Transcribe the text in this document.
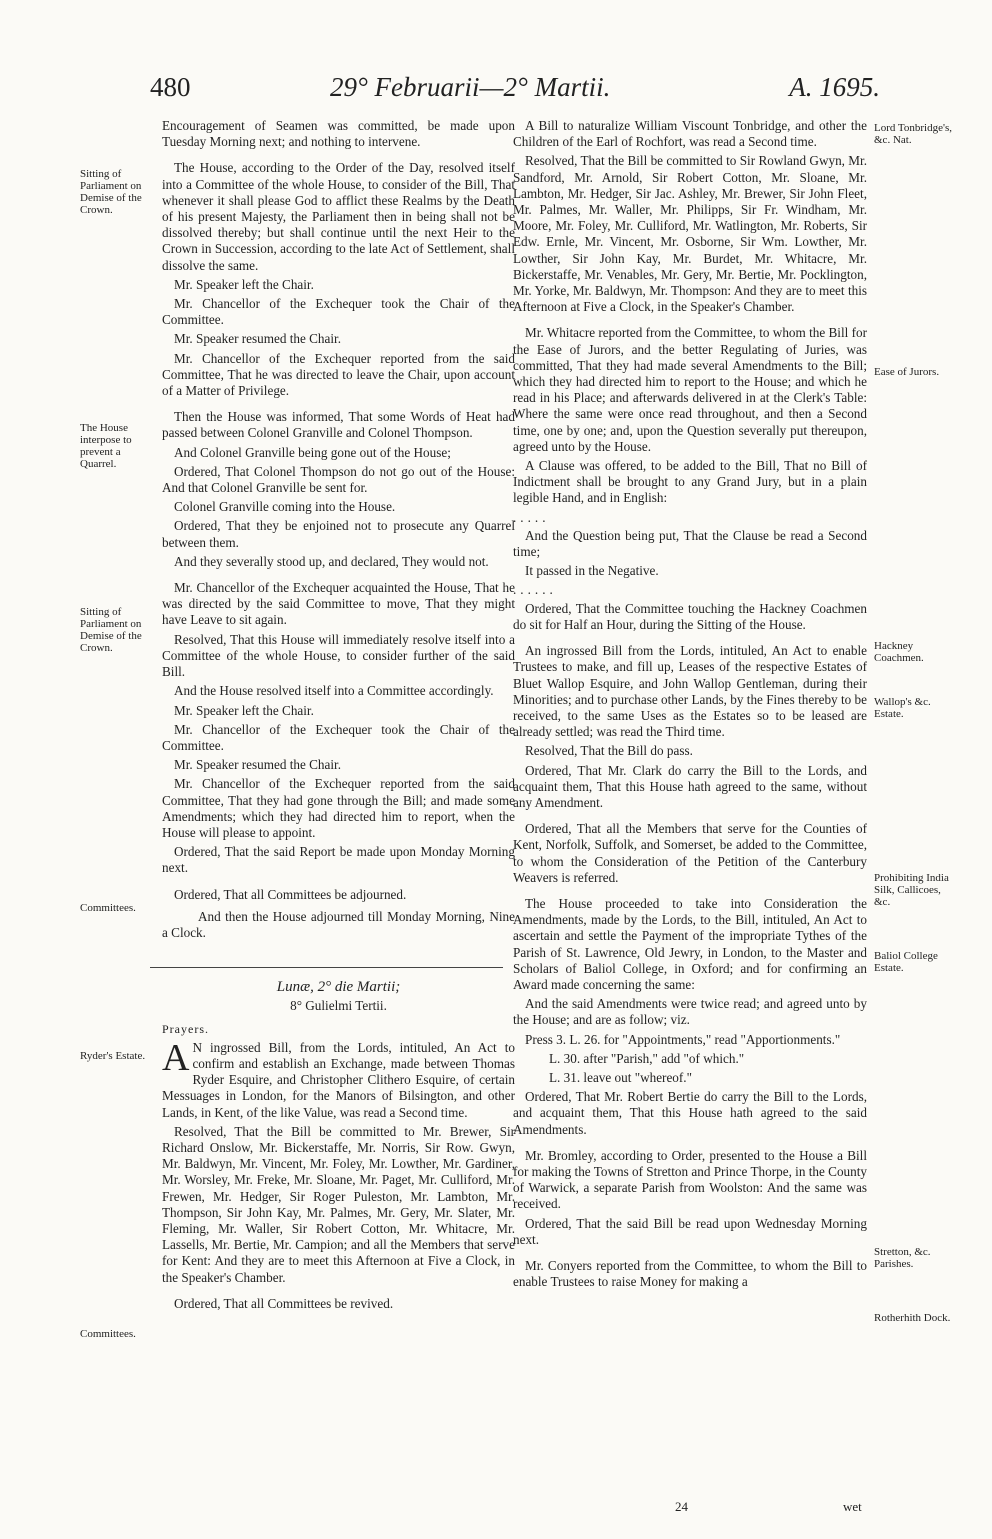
480	29° Februarii—2° Martii.	A. 1695.
Sitting of Parliament on Demise of the Crown.
The House interpose to prevent a Quarrel.
Sitting of Parliament on Demise of the Crown.
Committees.
Ryder's Estate.
Committees.
Lord Tonbridge's, &c. Nat.
Ease of Jurors.
Hackney Coachmen.
Wallop's &c. Estate.
Prohibiting India Silk, Callicoes, &c.
Baliol College Estate.
Stretton, &c. Parishes.
Rotherhith Dock.

Encouragement of Seamen was committed, be made upon Tuesday Morning next; and nothing to intervene.

The House, according to the Order of the Day, resolved itself into a Committee of the whole House, to consider of the Bill, That whenever it shall please God to afflict these Realms by the Death of his present Majesty, the Parliament then in being shall not be dissolved thereby; but shall continue until the next Heir to the Crown in Succession, according to the late Act of Settlement, shall dissolve the same.

Mr. Speaker left the Chair.

Mr. Chancellor of the Exchequer took the Chair of the Committee.

Mr. Speaker resumed the Chair.

Mr. Chancellor of the Exchequer reported from the said Committee, That he was directed to leave the Chair, upon account of a Matter of Privilege.

Then the House was informed, That some Words of Heat had passed between Colonel Granville and Colonel Thompson.

And Colonel Granville being gone out of the House;

Ordered, That Colonel Thompson do not go out of the House: And that Colonel Granville be sent for.

Colonel Granville coming into the House.

Ordered, That they be enjoined not to prosecute any Quarrel between them.

And they severally stood up, and declared, They would not.

Mr. Chancellor of the Exchequer acquainted the House, That he was directed by the said Committee to move, That they might have Leave to sit again.

Resolved, That this House will immediately resolve itself into a Committee of the whole House, to consider further of the said Bill.

And the House resolved itself into a Committee accordingly.

Mr. Speaker left the Chair.

Mr. Chancellor of the Exchequer took the Chair of the Committee.

Mr. Speaker resumed the Chair.

Mr. Chancellor of the Exchequer reported from the said Committee, That they had gone through the Bill; and made some Amendments; which they had directed him to report, when the House will please to appoint.

Ordered, That the said Report be made upon Monday Morning next.

Ordered, That all Committees be adjourned.

And then the House adjourned till Monday Morning, Nine a Clock.

Lunæ, 2° die Martii;

8° Gulielmi Tertii.

Prayers.

A N ingrossed Bill, from the Lords, intituled, An Act to confirm and establish an Exchange, made between Thomas Ryder Esquire, and Christopher Clithero Esquire, of certain Messuages in London, for the Manors of Bilsington, and other Lands, in Kent, of the like Value, was read a Second time.

Resolved, That the Bill be committed to Mr. Brewer, Sir Richard Onslow, Mr. Bickerstaffe, Mr. Norris, Sir Row. Gwyn, Mr. Baldwyn, Mr. Vincent, Mr. Foley, Mr. Lowther, Mr. Gardiner, Mr. Worsley, Mr. Freke, Mr. Sloane, Mr. Paget, Mr. Culliford, Mr. Frewen, Mr. Hedger, Sir Roger Puleston, Mr. Lambton, Mr. Thompson, Sir John Kay, Mr. Palmes, Mr. Gery, Mr. Slater, Mr. Fleming, Mr. Waller, Sir Robert Cotton, Mr. Whitacre, Mr. Lassells, Mr. Bertie, Mr. Campion; and all the Members that serve for Kent: And they are to meet this Afternoon at Five a Clock, in the Speaker's Chamber.

Ordered, That all Committees be revived.

A Bill to naturalize William Viscount Tonbridge, and other the Children of the Earl of Rochfort, was read a Second time.

Resolved, That the Bill be committed to Sir Rowland Gwyn, Mr. Sandford, Mr. Arnold, Sir Robert Cotton, Mr. Sloane, Mr. Lambton, Mr. Hedger, Sir Jac. Ashley, Mr. Brewer, Sir John Fleet, Mr. Palmes, Mr. Waller, Mr. Philipps, Sir Fr. Windham, Mr. Moore, Mr. Foley, Mr. Culliford, Mr. Watlington, Mr. Roberts, Sir Edw. Ernle, Mr. Vincent, Mr. Osborne, Sir Wm. Lowther, Mr. Lowther, Sir John Kay, Mr. Burdet, Mr. Whitacre, Mr. Bickerstaffe, Mr. Venables, Mr. Gery, Mr. Bertie, Mr. Pocklington, Mr. Yorke, Mr. Baldwyn, Mr. Thompson: And they are to meet this Afternoon at Five a Clock, in the Speaker's Chamber.

Mr. Whitacre reported from the Committee, to whom the Bill for the Ease of Jurors, and the better Regulating of Juries, was committed, That they had made several Amendments to the Bill; which they had directed him to report to the House; and which he read in his Place; and afterwards delivered in at the Clerk's Table: Where the same were once read throughout, and then a Second time, one by one; and, upon the Question severally put thereupon, agreed unto by the House.

A Clause was offered, to be added to the Bill, That no Bill of Indictment shall be brought to any Grand Jury, but in a plain legible Hand, and in English:

.....

And the Question being put, That the Clause be read a Second time;

It passed in the Negative.

......

Ordered, That the Committee touching the Hackney Coachmen do sit for Half an Hour, during the Sitting of the House.

An ingrossed Bill from the Lords, intituled, An Act to enable Trustees to make, and fill up, Leases of the respective Estates of Bluet Wallop Esquire, and John Wallop Gentleman, during their Minorities; and to purchase other Lands, by the Fines thereby to be received, to the same Uses as the Estates so to be leased are already settled; was read the Third time.

Resolved, That the Bill do pass.

Ordered, That Mr. Clark do carry the Bill to the Lords, and acquaint them, That this House hath agreed to the same, without any Amendment.

Ordered, That all the Members that serve for the Counties of Kent, Norfolk, Suffolk, and Somerset, be added to the Committee, to whom the Consideration of the Petition of the Canterbury Weavers is referred.

The House proceeded to take into Consideration the Amendments, made by the Lords, to the Bill, intituled, An Act to ascertain and settle the Payment of the impropriate Tythes of the Parish of St. Lawrence, Old Jewry, in London, to the Master and Scholars of Baliol College, in Oxford; and for confirming an Award made concerning the same:

And the said Amendments were twice read; and agreed unto by the House; and are as follow; viz.

Press 3. L. 26. for "Appointments," read "Apportionments."

L. 30. after "Parish," add "of which."

L. 31. leave out "whereof."

Ordered, That Mr. Robert Bertie do carry the Bill to the Lords, and acquaint them, That this House hath agreed to the said Amendments.

Mr. Bromley, according to Order, presented to the House a Bill for making the Towns of Stretton and Prince Thorpe, in the County of Warwick, a separate Parish from Woolston: And the same was received.

Ordered, That the said Bill be read upon Wednesday Morning next.

Mr. Conyers reported from the Committee, to whom the Bill to enable Trustees to raise Money for making a

24	wet
